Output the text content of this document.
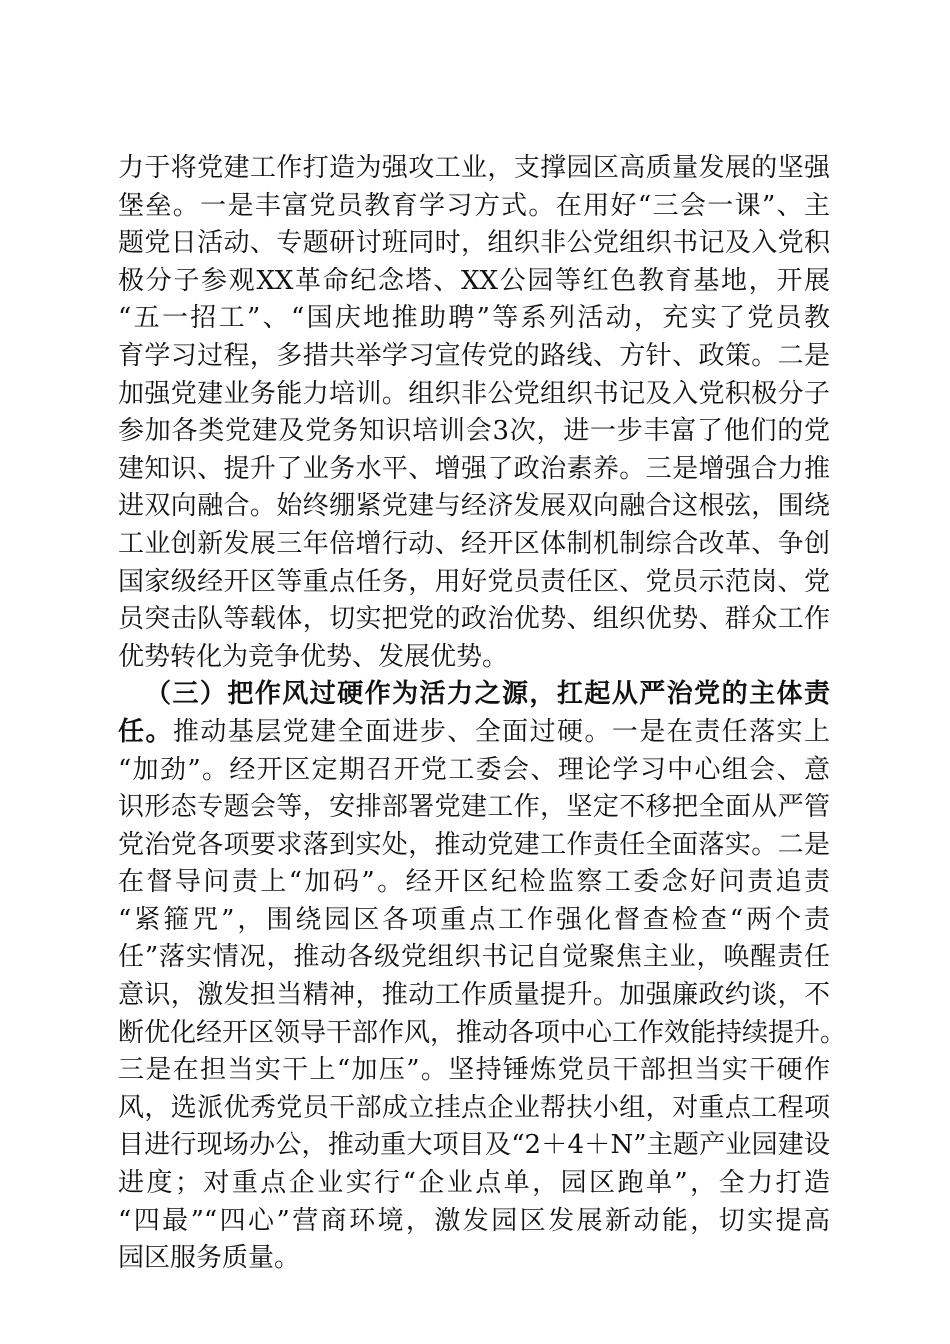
力于将党建工作打造为强攻工业，支撑园区高质量发展的坚强
堡垒。一是丰富党员教育学习方式。在用好“三会一课”、主
题党日活动、专题研讨班同时，组织非公党组织书记及入党积
极分子参观XX革命纪念塔、XX公园等红色教育基地，开展
“五一招工”、“国庆地推助聘”等系列活动，充实了党员教
育学习过程，多措共举学习宣传党的路线、方针、政策。二是
加强党建业务能力培训。组织非公党组织书记及入党积极分子
参加各类党建及党务知识培训会3次，进一步丰富了他们的党
建知识、提升了业务水平、增强了政治素养。三是增强合力推
进双向融合。始终绷紧党建与经济发展双向融合这根弦，围绕
工业创新发展三年倍增行动、经开区体制机制综合改革、争创
国家级经开区等重点任务，用好党员责任区、党员示范岗、党
员突击队等载体，切实把党的政治优势、组织优势、群众工作
优势转化为竞争优势、发展优势。
（三）把作风过硬作为活力之源，扛起从严治党的主体责
任。推动基层党建全面进步、全面过硬。一是在责任落实上
“加劲”。经开区定期召开党工委会、理论学习中心组会、意
识形态专题会等，安排部署党建工作，坚定不移把全面从严管
党治党各项要求落到实处，推动党建工作责任全面落实。二是
在督导问责上“加码”。经开区纪检监察工委念好问责追责
“紧箍咒”，围绕园区各项重点工作强化督查检查“两个责
任”落实情况，推动各级党组织书记自觉聚焦主业，唤醒责任
意识，激发担当精神，推动工作质量提升。加强廉政约谈，不
断优化经开区领导干部作风，推动各项中心工作效能持续提升。
三是在担当实干上“加压”。坚持锤炼党员干部担当实干硬作
风，选派优秀党员干部成立挂点企业帮扶小组，对重点工程项
目进行现场办公，推动重大项目及“2＋4＋N”主题产业园建设
进度；对重点企业实行“企业点单，园区跑单”，全力打造
“四最”“四心”营商环境，激发园区发展新动能，切实提高
园区服务质量。
